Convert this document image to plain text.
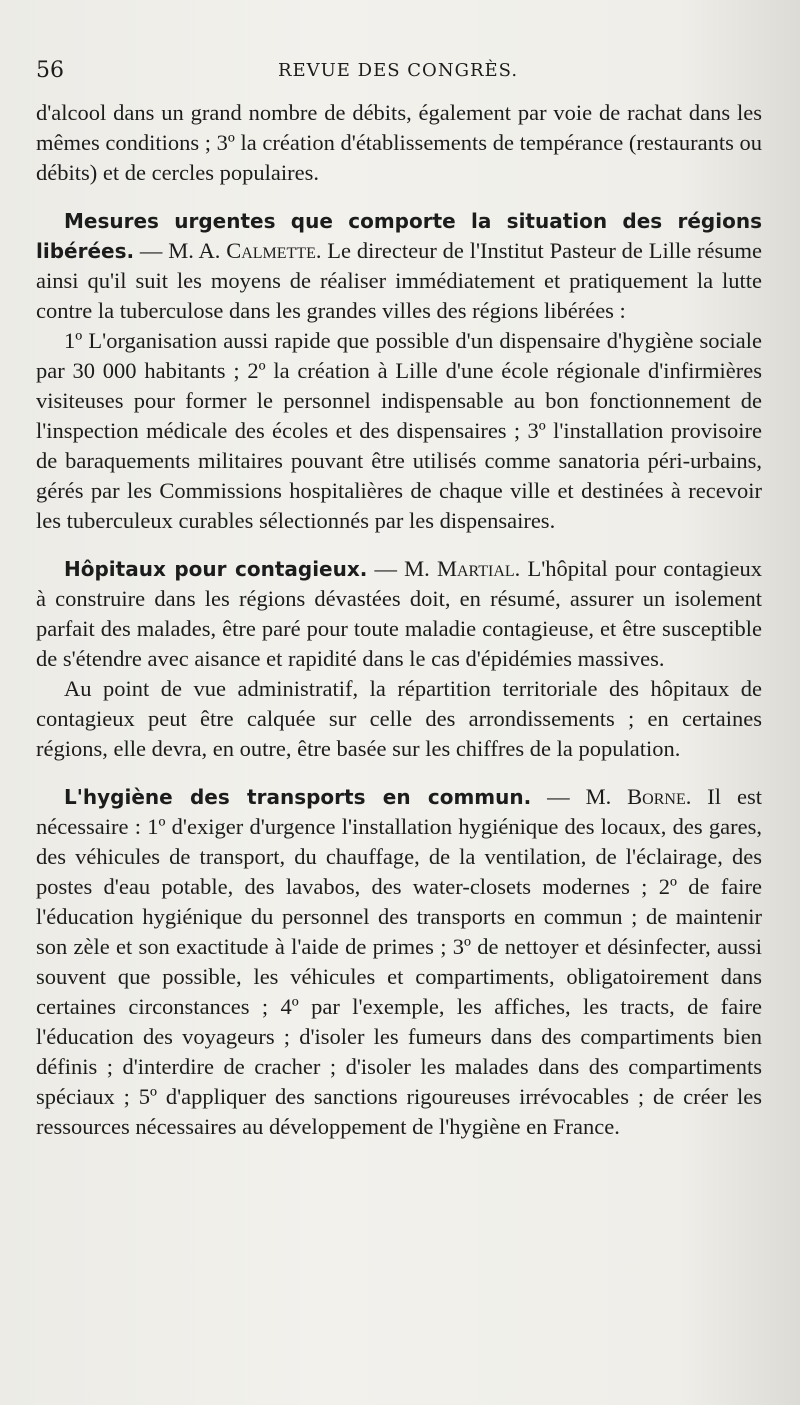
56	REVUE DES CONGRÈS.

d'alcool dans un grand nombre de débits, également par voie de rachat dans les mêmes conditions ; 3º la création d'établissements de tempérance (restaurants ou débits) et de cercles populaires.

Mesures urgentes que comporte la situation des régions libérées. — M. A. Calmette. Le directeur de l'Institut Pasteur de Lille résume ainsi qu'il suit les moyens de réaliser immédiatement et pratiquement la lutte contre la tuberculose dans les grandes villes des régions libérées :

1º L'organisation aussi rapide que possible d'un dispensaire d'hygiène sociale par 30 000 habitants ; 2º la création à Lille d'une école régionale d'infirmières visiteuses pour former le personnel indispensable au bon fonctionnement de l'inspection médicale des écoles et des dispensaires ; 3º l'installation provisoire de baraquements militaires pouvant être utilisés comme sanatoria péri-urbains, gérés par les Commissions hospitalières de chaque ville et destinées à recevoir les tuberculeux curables sélectionnés par les dispensaires.

Hôpitaux pour contagieux. — M. Martial. L'hôpital pour contagieux à construire dans les régions dévastées doit, en résumé, assurer un isolement parfait des malades, être paré pour toute maladie contagieuse, et être susceptible de s'étendre avec aisance et rapidité dans le cas d'épidémies massives.

Au point de vue administratif, la répartition territoriale des hôpitaux de contagieux peut être calquée sur celle des arrondissements ; en certaines régions, elle devra, en outre, être basée sur les chiffres de la population.

L'hygiène des transports en commun. — M. Borne. Il est nécessaire : 1º d'exiger d'urgence l'installation hygiénique des locaux, des gares, des véhicules de transport, du chauffage, de la ventilation, de l'éclairage, des postes d'eau potable, des lavabos, des water-closets modernes ; 2º de faire l'éducation hygiénique du personnel des transports en commun ; de maintenir son zèle et son exactitude à l'aide de primes ; 3º de nettoyer et désinfecter, aussi souvent que possible, les véhicules et compartiments, obligatoirement dans certaines circonstances ; 4º par l'exemple, les affiches, les tracts, de faire l'éducation des voyageurs ; d'isoler les fumeurs dans des compartiments bien définis ; d'interdire de cracher ; d'isoler les malades dans des compartiments spéciaux ; 5º d'appliquer des sanctions rigoureuses irrévocables ; de créer les ressources nécessaires au développement de l'hygiène en France.
